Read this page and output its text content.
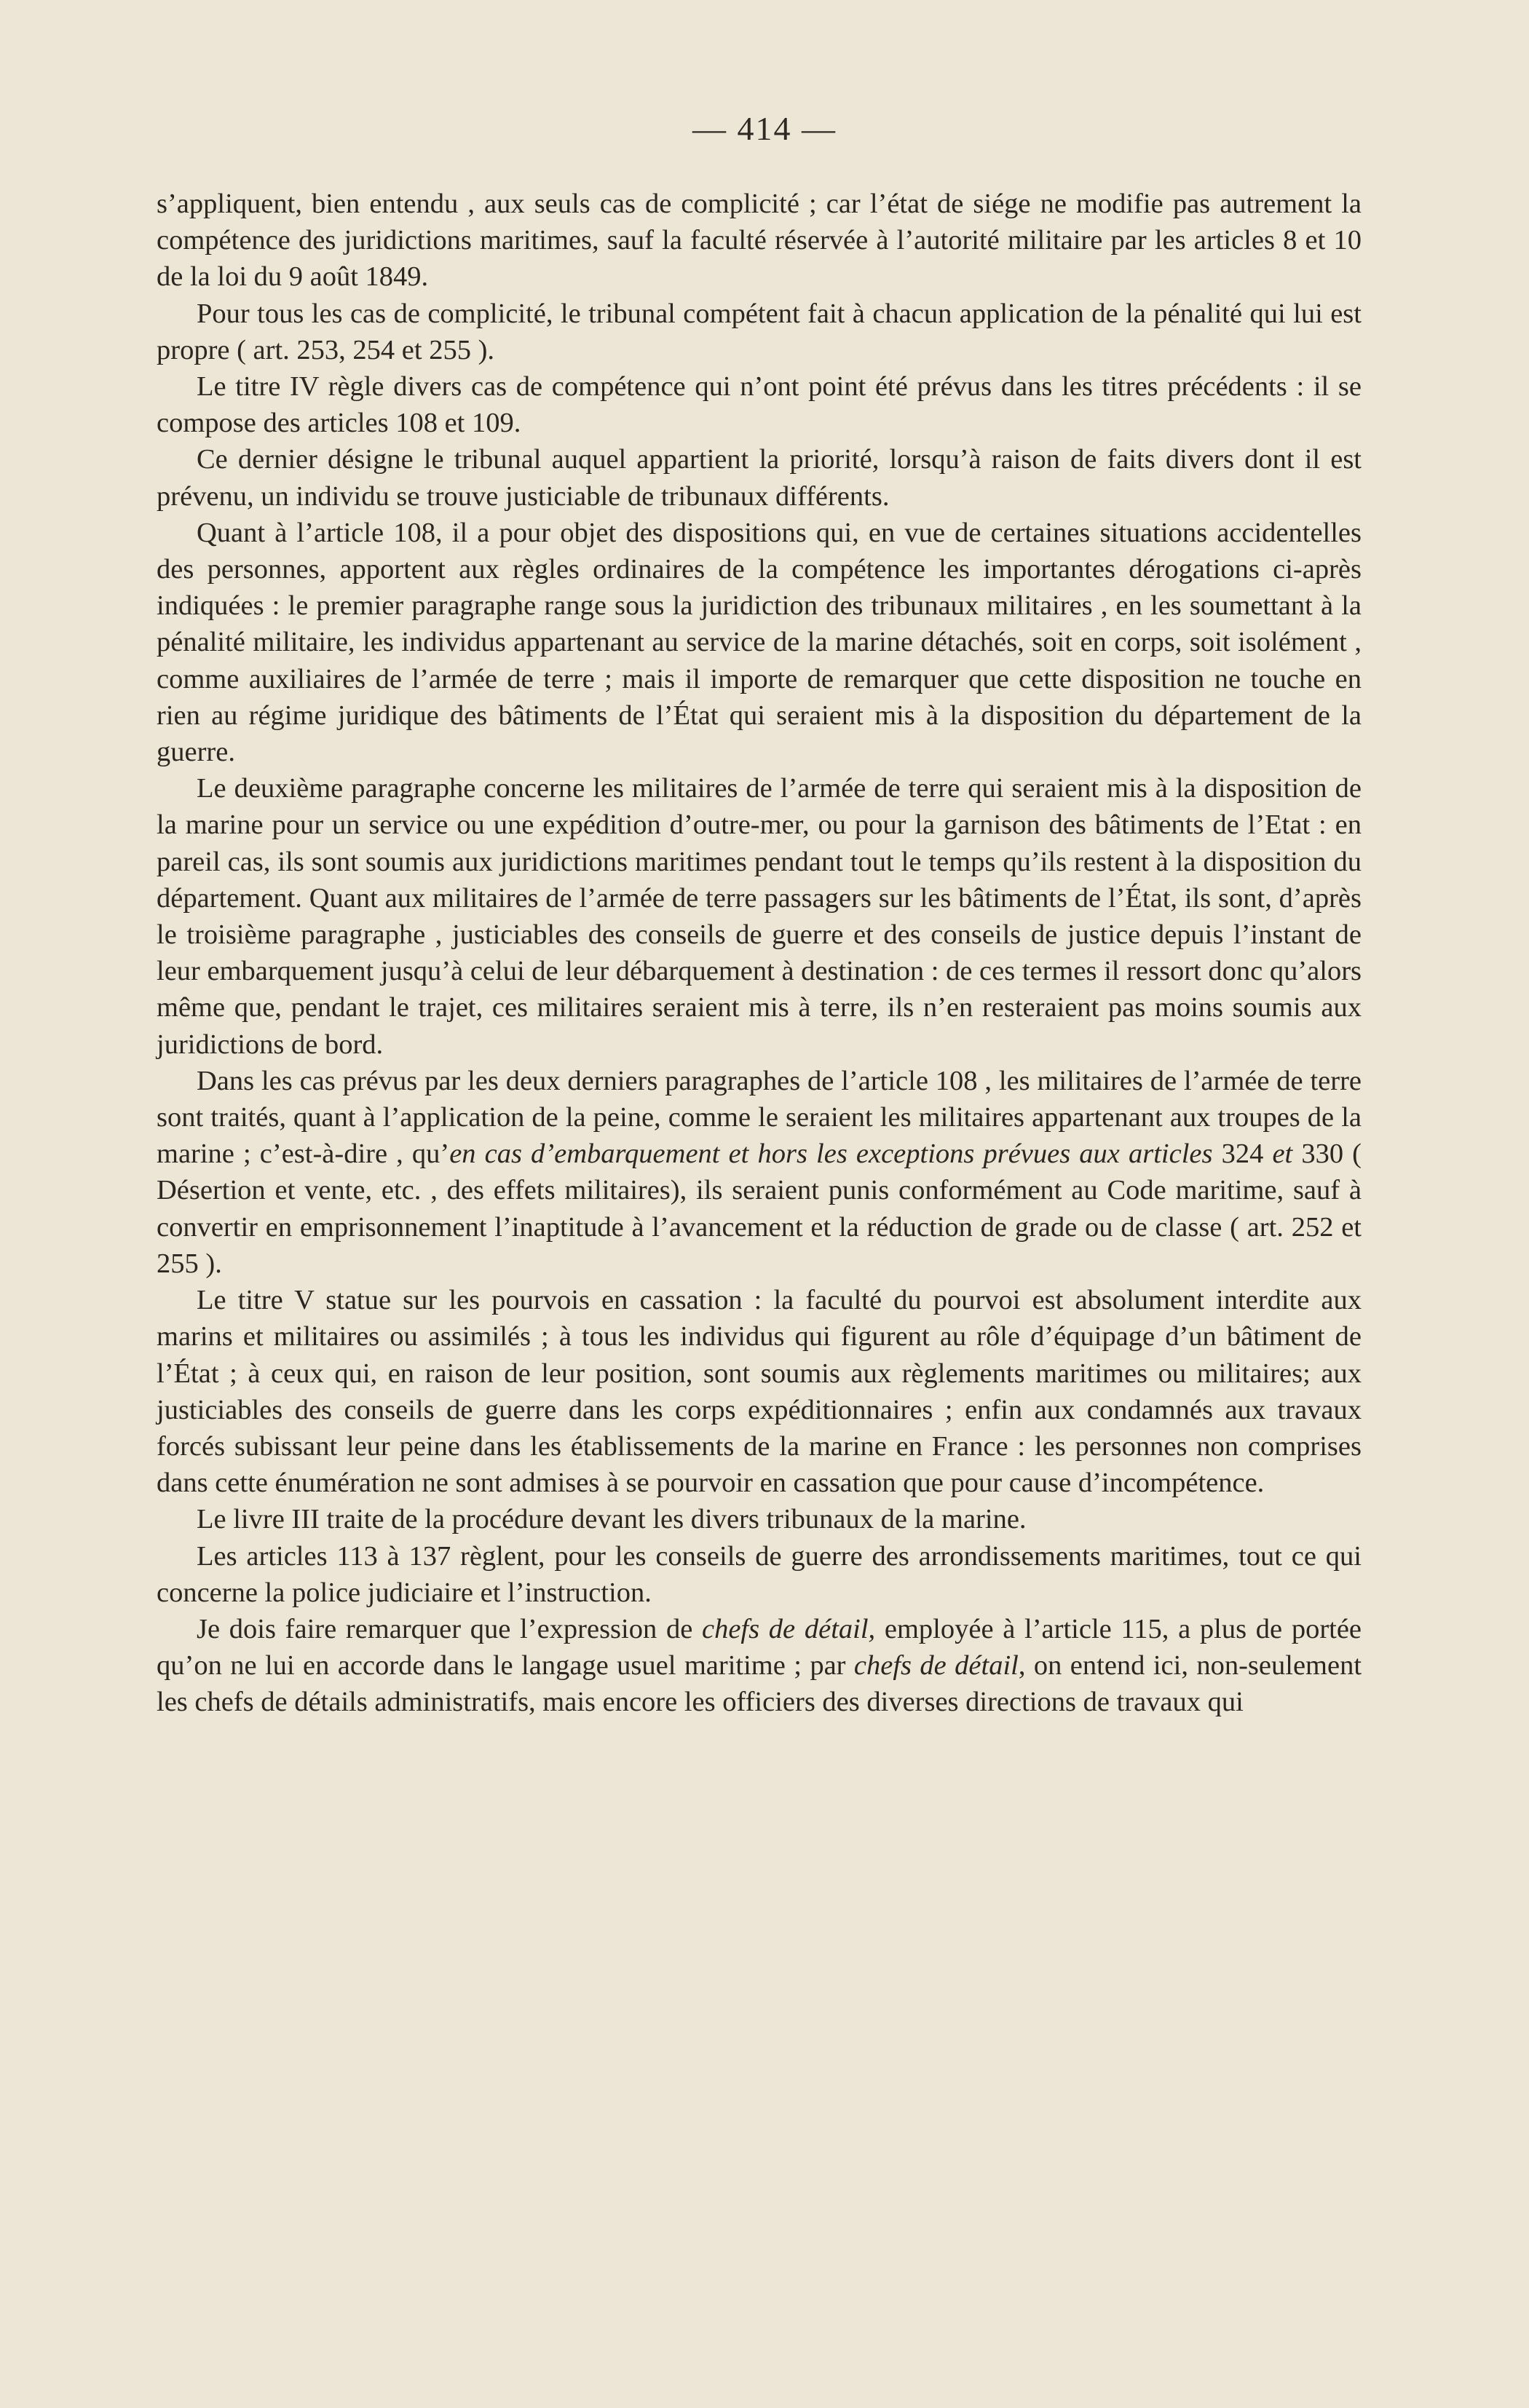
— 414 —

s’appliquent, bien entendu , aux seuls cas de complicité ; car l’état de siége ne modifie pas autrement la compétence des juridictions maritimes, sauf la faculté réservée à l’autorité militaire par les articles 8 et 10 de la loi du 9 août 1849.

Pour tous les cas de complicité, le tribunal compétent fait à chacun application de la pénalité qui lui est propre ( art. 253, 254 et 255 ).

Le titre IV règle divers cas de compétence qui n’ont point été prévus dans les titres précédents : il se compose des articles 108 et 109.

Ce dernier désigne le tribunal auquel appartient la priorité, lorsqu’à raison de faits divers dont il est prévenu, un individu se trouve justiciable de tribunaux différents.

Quant à l’article 108, il a pour objet des dispositions qui, en vue de certaines situations accidentelles des personnes, apportent aux règles ordinaires de la compétence les importantes dérogations ci-après indiquées : le premier paragraphe range sous la juridiction des tribunaux militaires , en les soumettant à la pénalité militaire, les individus appartenant au service de la marine détachés, soit en corps, soit isolément , comme auxiliaires de l’armée de terre ; mais il importe de remarquer que cette disposition ne touche en rien au régime juridique des bâtiments de l’État qui seraient mis à la disposition du département de la guerre.

Le deuxième paragraphe concerne les militaires de l’armée de terre qui seraient mis à la disposition de la marine pour un service ou une expédition d’outre-mer, ou pour la garnison des bâtiments de l’Etat : en pareil cas, ils sont soumis aux juridictions maritimes pendant tout le temps qu’ils restent à la disposition du département. Quant aux militaires de l’armée de terre passagers sur les bâtiments de l’État, ils sont, d’après le troisième paragraphe , justiciables des conseils de guerre et des conseils de justice depuis l’instant de leur embarquement jusqu’à celui de leur débarquement à destination : de ces termes il ressort donc qu’alors même que, pendant le trajet, ces militaires seraient mis à terre, ils n’en resteraient pas moins soumis aux juridictions de bord.

Dans les cas prévus par les deux derniers paragraphes de l’article 108 , les militaires de l’armée de terre sont traités, quant à l’application de la peine, comme le seraient les militaires appartenant aux troupes de la marine ; c’est-à-dire , qu’en cas d’embarquement et hors les exceptions prévues aux articles 324 et 330 ( Désertion et vente, etc. , des effets militaires), ils seraient punis conformément au Code maritime, sauf à convertir en emprisonnement l’inaptitude à l’avancement et la réduction de grade ou de classe ( art. 252 et 255 ).

Le titre V statue sur les pourvois en cassation : la faculté du pourvoi est absolument interdite aux marins et militaires ou assimilés ; à tous les individus qui figurent au rôle d’équipage d’un bâtiment de l’État ; à ceux qui, en raison de leur position, sont soumis aux règlements maritimes ou militaires; aux justiciables des conseils de guerre dans les corps expéditionnaires ; enfin aux condamnés aux travaux forcés subissant leur peine dans les établissements de la marine en France : les personnes non comprises dans cette énumération ne sont admises à se pourvoir en cassation que pour cause d’incompétence.

Le livre III traite de la procédure devant les divers tribunaux de la marine.

Les articles 113 à 137 règlent, pour les conseils de guerre des arrondissements maritimes, tout ce qui concerne la police judiciaire et l’instruction.

Je dois faire remarquer que l’expression de chefs de détail, employée à l’article 115, a plus de portée qu’on ne lui en accorde dans le langage usuel maritime ; par chefs de détail, on entend ici, non-seulement les chefs de détails administratifs, mais encore les officiers des diverses directions de travaux qui
